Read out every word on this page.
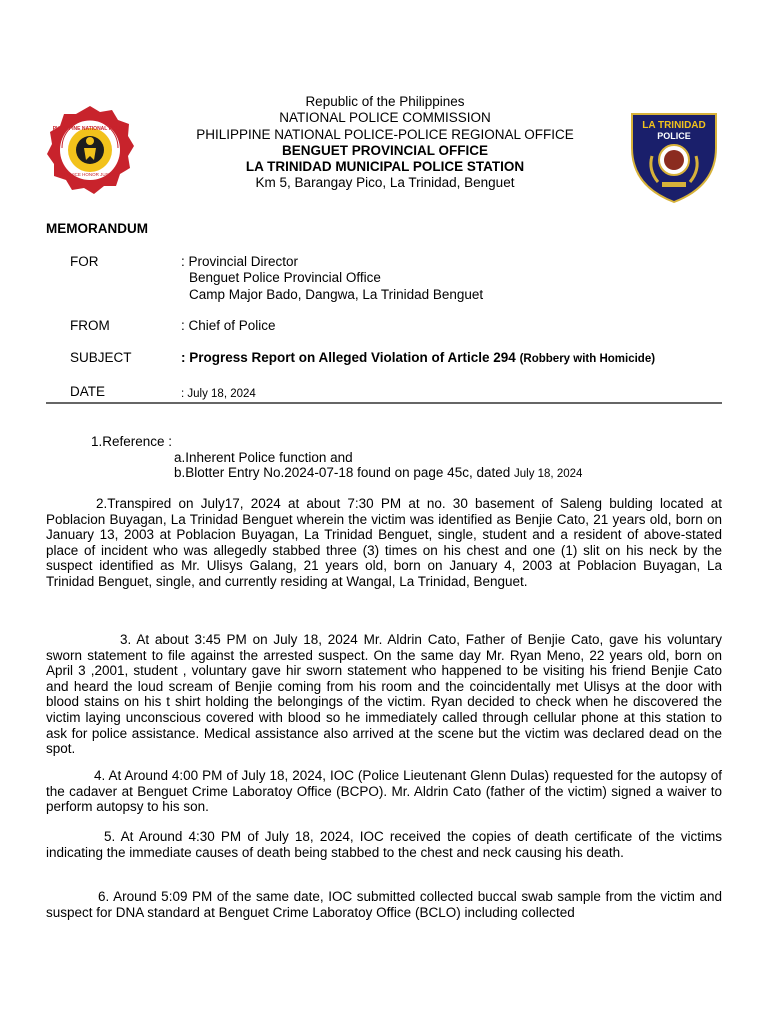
PHILIPPINE NATIONAL POLICE
SERVICE HONOR JUSTICE
LA TRINIDAD
POLICE
Republic of the Philippines
NATIONAL POLICE COMMISSION
PHILIPPINE NATIONAL POLICE-POLICE REGIONAL OFFICE
BENGUET PROVINCIAL OFFICE
LA TRINIDAD MUNICIPAL POLICE STATION
Km 5, Barangay Pico, La Trinidad, Benguet
MEMORANDUM
FOR	: Provincial Director
Benguet Police Provincial Office
Camp Major Bado, Dangwa, La Trinidad Benguet
FROM	: Chief of Police
SUBJECT	: Progress Report on Alleged Violation of Article 294 (Robbery with Homicide)
DATE	: July 18, 2024
1.Reference :
a.Inherent Police function and
b.Blotter Entry No.2024-07-18 found on page 45c, dated July 18, 2024

2.Transpired on July17, 2024 at about 7:30 PM at no. 30 basement of Saleng bulding located at Poblacion Buyagan, La Trinidad Benguet wherein the victim was identified as Benjie Cato, 21 years old, born on January 13, 2003 at Poblacion Buyagan, La Trinidad Benguet, single, student and a resident of above-stated place of incident who was allegedly stabbed three (3) times on his chest and one (1) slit on his neck by the suspect identified as Mr. Ulisys Galang, 21 years old, born on January 4, 2003 at Poblacion Buyagan, La Trinidad Benguet, single, and currently residing at Wangal, La Trinidad, Benguet.

3. At about 3:45 PM on July 18, 2024 Mr. Aldrin Cato, Father of Benjie Cato, gave his voluntary sworn statement to file against the arrested suspect. On the same day Mr. Ryan Meno, 22 years old, born on April 3 ,2001, student , voluntary gave hir sworn statement who happened to be visiting his friend Benjie Cato and heard the loud scream of Benjie coming from his room and the coincidentally met Ulisys at the door with blood stains on his t shirt holding the belongings of the victim. Ryan decided to check when he discovered the victim laying unconscious covered with blood so he immediately called through cellular phone at this station to ask for police assistance. Medical assistance also arrived at the scene but the victim was declared dead on the spot.

4. At Around 4:00 PM of July 18, 2024, IOC (Police Lieutenant Glenn Dulas) requested for the autopsy of the cadaver at Benguet Crime Laboratoy Office (BCPO). Mr. Aldrin Cato (father of the victim) signed a waiver to perform autopsy to his son.

5. At Around 4:30 PM of July 18, 2024, IOC received the copies of death certificate of the victims indicating the immediate causes of death being stabbed to the chest and neck causing his death.

6. Around 5:09 PM of the same date, IOC submitted collected buccal swab sample from the victim and suspect for DNA standard at Benguet Crime Laboratoy Office (BCLO) including collected
